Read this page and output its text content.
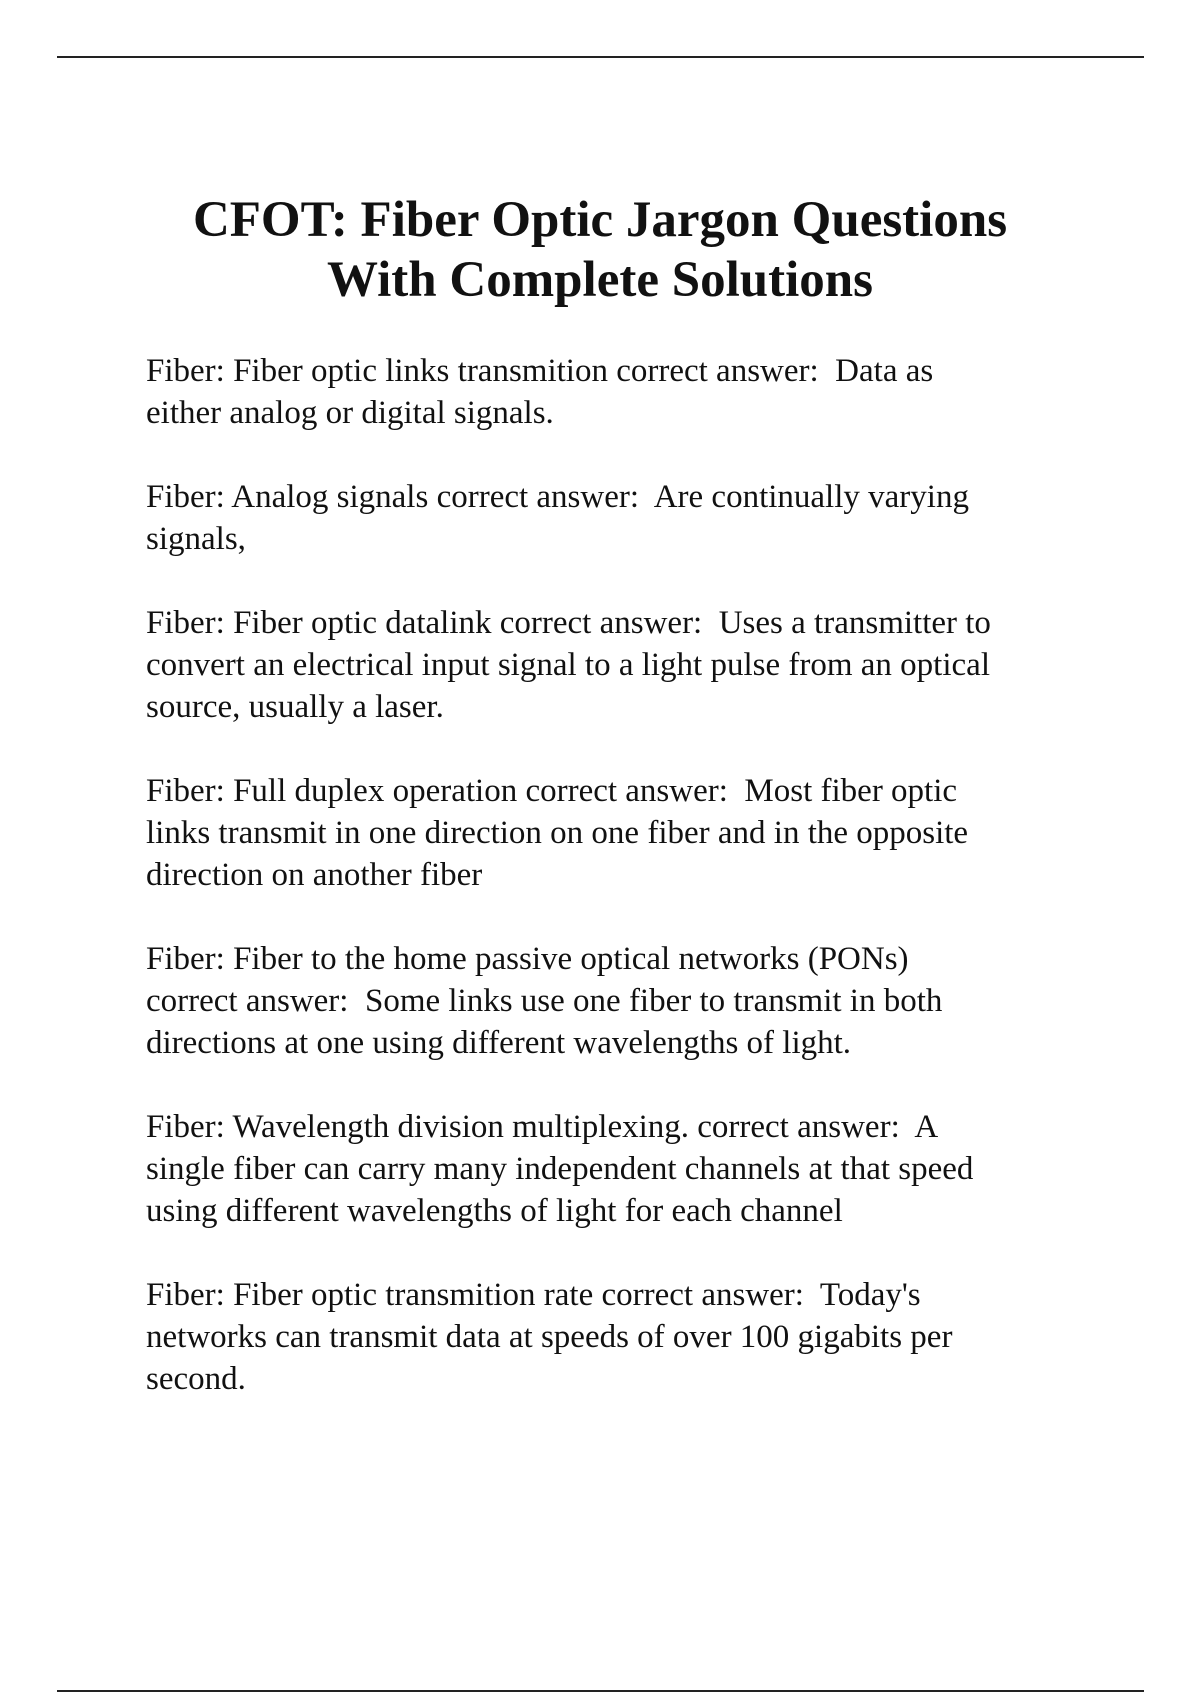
CFOT: Fiber Optic Jargon Questions
With Complete Solutions

Fiber: Fiber optic links transmition correct answer:  Data as
either analog or digital signals.

Fiber: Analog signals correct answer:  Are continually varying
signals,

Fiber: Fiber optic datalink correct answer:  Uses a transmitter to
convert an electrical input signal to a light pulse from an optical
source, usually a laser.

Fiber: Full duplex operation correct answer:  Most fiber optic
links transmit in one direction on one fiber and in the opposite
direction on another fiber

Fiber: Fiber to the home passive optical networks (PONs)
correct answer:  Some links use one fiber to transmit in both
directions at one using different wavelengths of light.

Fiber: Wavelength division multiplexing. correct answer:  A
single fiber can carry many independent channels at that speed
using different wavelengths of light for each channel

Fiber: Fiber optic transmition rate correct answer:  Today's
networks can transmit data at speeds of over 100 gigabits per
second.
